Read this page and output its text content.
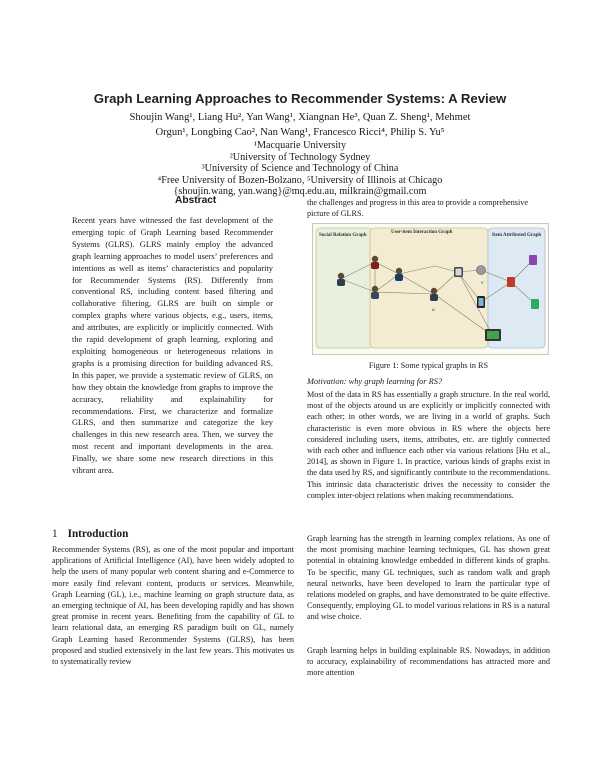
Graph Learning Approaches to Recommender Systems: A Review
Shoujin Wang¹, Liang Hu², Yan Wang¹, Xiangnan He³, Quan Z. Sheng¹, Mehmet
Orgun¹, Longbing Cao², Nan Wang¹, Francesco Ricci⁴, Philip S. Yu⁵
¹Macquarie University
²University of Technology Sydney
³University of Science and Technology of China
⁴Free University of Bozen-Bolzano, ⁵University of Illinois at Chicago
{shoujin.wang, yan.wang}@mq.edu.au, milkrain@gmail.com
Abstract

Recent years have witnessed the fast development of the emerging topic of Graph Learning based Recommender Systems (GLRS). GLRS mainly employ the advanced graph learning approaches to model users’ preferences and intentions as well as items’ characteristics and popularity for Recommender Systems (RS). Differently from conventional RS, including content based filtering and collaborative filtering, GLRS are built on simple or complex graphs where various objects, e.g., users, items, and attributes, are explicitly or implicitly connected. With the rapid development of graph learning, exploring and exploiting homogeneous or heterogeneous relations in graphs is a promising direction for building advanced RS. In this paper, we provide a systematic review of GLRS, on how they obtain the knowledge from graphs to improve the accuracy, reliability and explainability for recommendations. First, we characterize and formalize GLRS, and then summarize and categorize the key challenges in this new research area. Then, we survey the most recent and important developments in the area. Finally, we share some new research directions in this vibrant area.

1 Introduction

Recommender Systems (RS), as one of the most popular and important applications of Artificial Intelligence (AI), have been widely adopted to help the users of many popular web content sharing and e-Commerce to more easily find relevant content, products or services. Meanwhile, Graph Learning (GL), i.e., machine learning on graph structure data, as an emerging technique of AI, has been developing rapidly and has shown great promise in recent years. Benefiting from the capability of GL to learn relational data, an emerging RS paradigm built on GL, namely Graph Learning based Recommender Systems (GLRS), has been proposed and studied extensively in the last few years. This motivates us to systematically review

the challenges and progress in this area to provide a comprehensive picture of GLRS.
Social Relation Graph
User-item Interaction Graph
Item Attributed Graph
u
v
Figure 1: Some typical graphs in RS
Motivation: why graph learning for RS?

Most of the data in RS has essentially a graph structure. In the real world, most of the objects around us are explicitly or implicitly connected with each other; in other words, we are living in a world of graphs. Such characteristic is even more obvious in RS where the objects here considered including users, items, attributes, etc. are tightly connected with each other and influence each other via various relations [Hu et al., 2014], as shown in Figure 1. In practice, various kinds of graphs exist in the data used by RS, and significantly contribute to the recommendations. This intrinsic data characteristic drives the necessity to consider the complex inter-object relations when making recommendations.

Graph learning has the strength in learning complex relations. As one of the most promising machine learning techniques, GL has shown great potential in obtaining knowledge embedded in different kinds of graphs. To be specific, many GL techniques, such as random walk and graph neural networks, have been developed to learn the particular type of relations modeled on graphs, and have demonstrated to be quite effective. Consequently, employing GL to model various relations in RS is a natural and wise choice.

Graph learning helps in building explainable RS. Nowadays, in addition to accuracy, explainability of recommendations has attracted more and more attention
